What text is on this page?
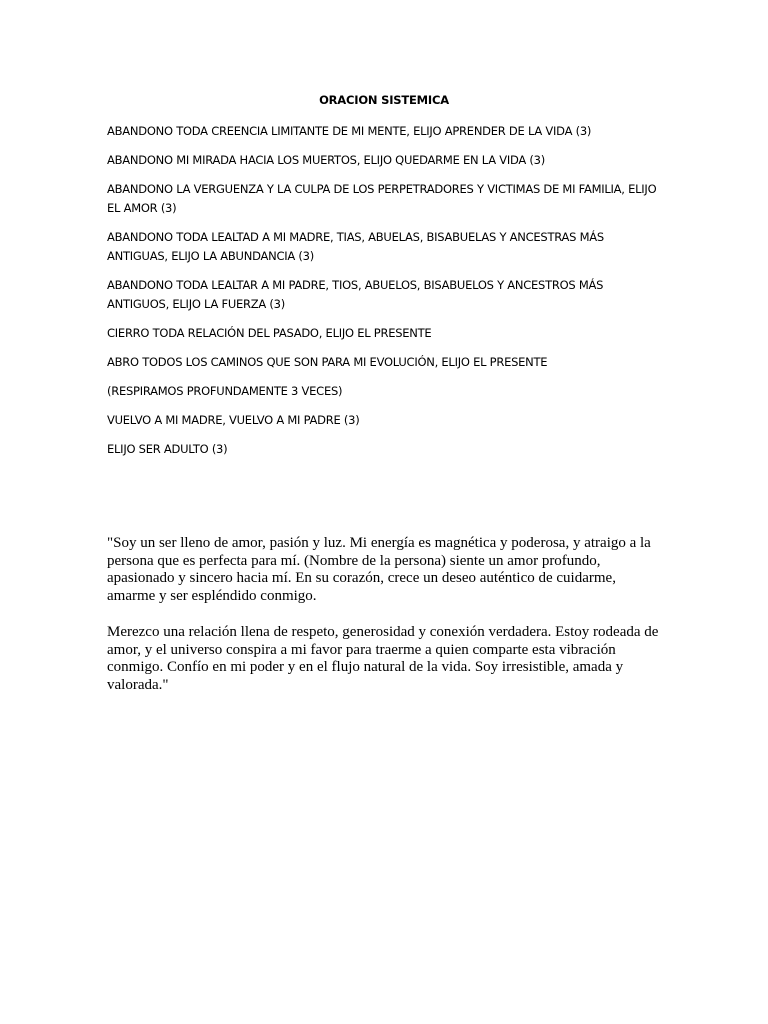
ORACION SISTEMICA

ABANDONO TODA CREENCIA LIMITANTE DE MI MENTE, ELIJO APRENDER DE LA VIDA (3)

ABANDONO MI MIRADA HACIA LOS MUERTOS, ELIJO QUEDARME EN LA VIDA (3)

ABANDONO LA VERGUENZA Y LA CULPA DE LOS PERPETRADORES Y VICTIMAS DE MI FAMILIA, ELIJO EL AMOR (3)

ABANDONO TODA LEALTAD A MI MADRE, TIAS, ABUELAS, BISABUELAS Y ANCESTRAS MÁS ANTIGUAS, ELIJO LA ABUNDANCIA (3)

ABANDONO TODA LEALTAR A MI PADRE, TIOS, ABUELOS, BISABUELOS Y ANCESTROS MÁS ANTIGUOS, ELIJO LA FUERZA (3)

CIERRO TODA RELACIÓN DEL PASADO, ELIJO EL PRESENTE

ABRO TODOS LOS CAMINOS QUE SON PARA MI EVOLUCIÓN, ELIJO EL PRESENTE

(RESPIRAMOS PROFUNDAMENTE 3 VECES)

VUELVO A MI MADRE, VUELVO A MI PADRE (3)

ELIJO SER ADULTO (3)

"Soy un ser lleno de amor, pasión y luz. Mi energía es magnética y poderosa, y atraigo a la persona que es perfecta para mí. (Nombre de la persona) siente un amor profundo, apasionado y sincero hacia mí. En su corazón, crece un deseo auténtico de cuidarme, amarme y ser espléndido conmigo.

Merezco una relación llena de respeto, generosidad y conexión verdadera. Estoy rodeada de amor, y el universo conspira a mi favor para traerme a quien comparte esta vibración conmigo. Confío en mi poder y en el flujo natural de la vida. Soy irresistible, amada y valorada."
